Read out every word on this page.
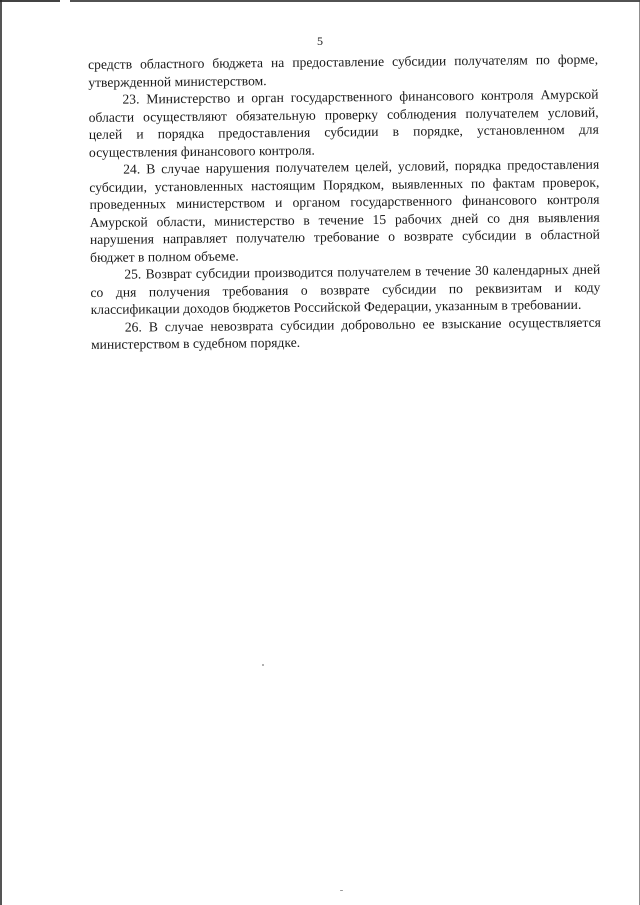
5

средств областного бюджета на предоставление субсидии получателям по форме, утвержденной министерством.

23. Министерство и орган государственного финансового контроля Амурской области осуществляют обязательную проверку соблюдения получателем условий, целей и порядка предоставления субсидии в порядке, установленном для осуществления финансового контроля.

24. В случае нарушения получателем целей, условий, порядка предоставления субсидии, установленных настоящим Порядком, выявленных по фактам проверок, проведенных министерством и органом государственного финансового контроля Амурской области, министерство в течение 15 рабочих дней со дня выявления нарушения направляет получателю требование о возврате субсидии в областной бюджет в полном объеме.

25. Возврат субсидии производится получателем в течение 30 календарных дней со дня получения требования о возврате субсидии по реквизитам и коду классификации доходов бюджетов Российской Федерации, указанным в требовании.

26. В случае невозврата субсидии добровольно ее взыскание осуществляется министерством в судебном порядке.
